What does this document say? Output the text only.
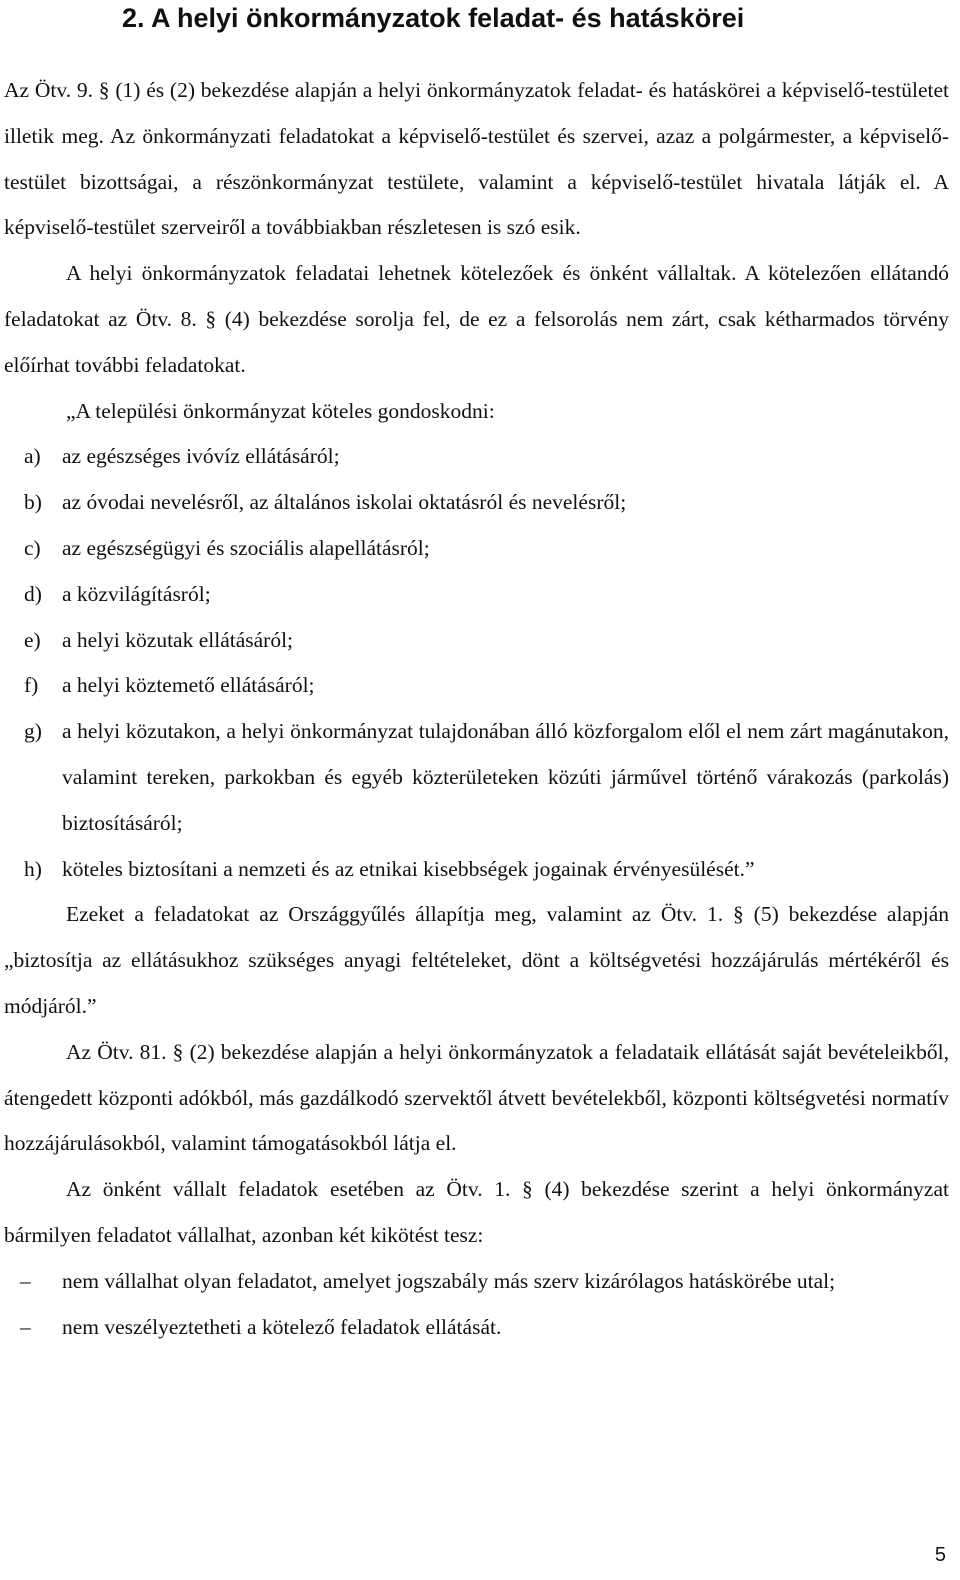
2. A helyi önkormányzatok feladat- és hatáskörei

Az Ötv. 9. § (1) és (2) bekezdése alapján a helyi önkormányzatok feladat- és hatáskörei a képviselő-testületet illetik meg. Az önkormányzati feladatokat a képviselő-testület és szervei, azaz a polgármester, a képviselő-testület bizottságai, a részönkormányzat testülete, valamint a képviselő-testület hivatala látják el. A képviselő-testület szerveiről a továbbiakban részletesen is szó esik.

A helyi önkormányzatok feladatai lehetnek kötelezőek és önként vállaltak. A kötelezően ellátandó feladatokat az Ötv. 8. § (4) bekezdése sorolja fel, de ez a felsorolás nem zárt, csak kétharmados törvény előírhat további feladatokat.

„A települési önkormányzat köteles gondoskodni:

a) az egészséges ivóvíz ellátásáról;
b) az óvodai nevelésről, az általános iskolai oktatásról és nevelésről;
c) az egészségügyi és szociális alapellátásról;
d) a közvilágításról;
e) a helyi közutak ellátásáról;
f)	a helyi köztemető ellátásáról;
g) a helyi közutakon, a helyi önkormányzat tulajdonában álló közforgalom elől el nem zárt magánutakon, valamint tereken, parkokban és egyéb közterületeken közúti járművel történő várakozás (parkolás) biztosításáról;
h) köteles biztosítani a nemzeti és az etnikai kisebbségek jogainak érvényesülését.”

Ezeket a feladatokat az Országgyűlés állapítja meg, valamint az Ötv. 1. § (5) bekezdése alapján „biztosítja az ellátásukhoz szükséges anyagi feltételeket, dönt a költségvetési hozzájárulás mértékéről és módjáról.”

Az Ötv. 81. § (2) bekezdése alapján a helyi önkormányzatok a feladataik ellátását saját bevételeikből, átengedett központi adókból, más gazdálkodó szervektől átvett bevételekből, központi költségvetési normatív hozzájárulásokból, valamint támogatásokból látja el.

Az önként vállalt feladatok esetében az Ötv. 1. § (4) bekezdése szerint a helyi önkormányzat bármilyen feladatot vállalhat, azonban két kikötést tesz:

–	nem vállalhat olyan feladatot, amelyet jogszabály más szerv kizárólagos hatáskörébe utal;
–	nem veszélyeztetheti a kötelező feladatok ellátását.
5
